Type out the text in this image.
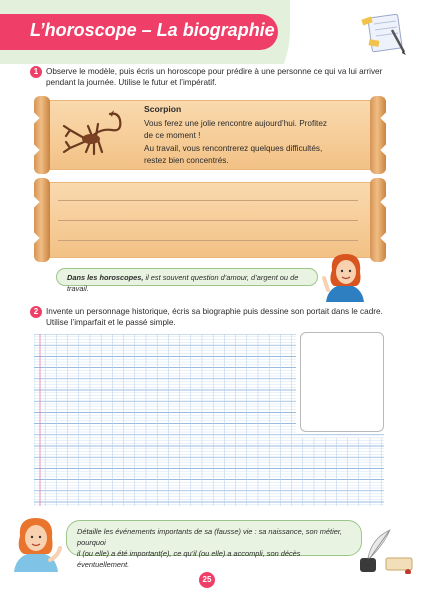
L’horoscope – La biographie
1 Observe le modèle, puis écris un horoscope pour prédire à une personne ce qui va lui arriver
pendant la journée. Utilise le futur et l’impératif.
Scorpion
Vous ferez une jolie rencontre aujourd’hui. Profitez
de ce moment !
Au travail, vous rencontrerez quelques difficultés,
restez bien concentrés.
Dans les horoscopes, il est souvent question d’amour, d’argent ou de travail.
2 Invente un personnage historique, écris sa biographie puis dessine son portait dans le cadre.
Utilise l’imparfait et le passé simple.
Détaille les événements importants de sa (fausse) vie : sa naissance, son métier, pourquoi
il (ou elle) a été important(e), ce qu’il (ou elle) a accompli, son décès éventuellement.
25
